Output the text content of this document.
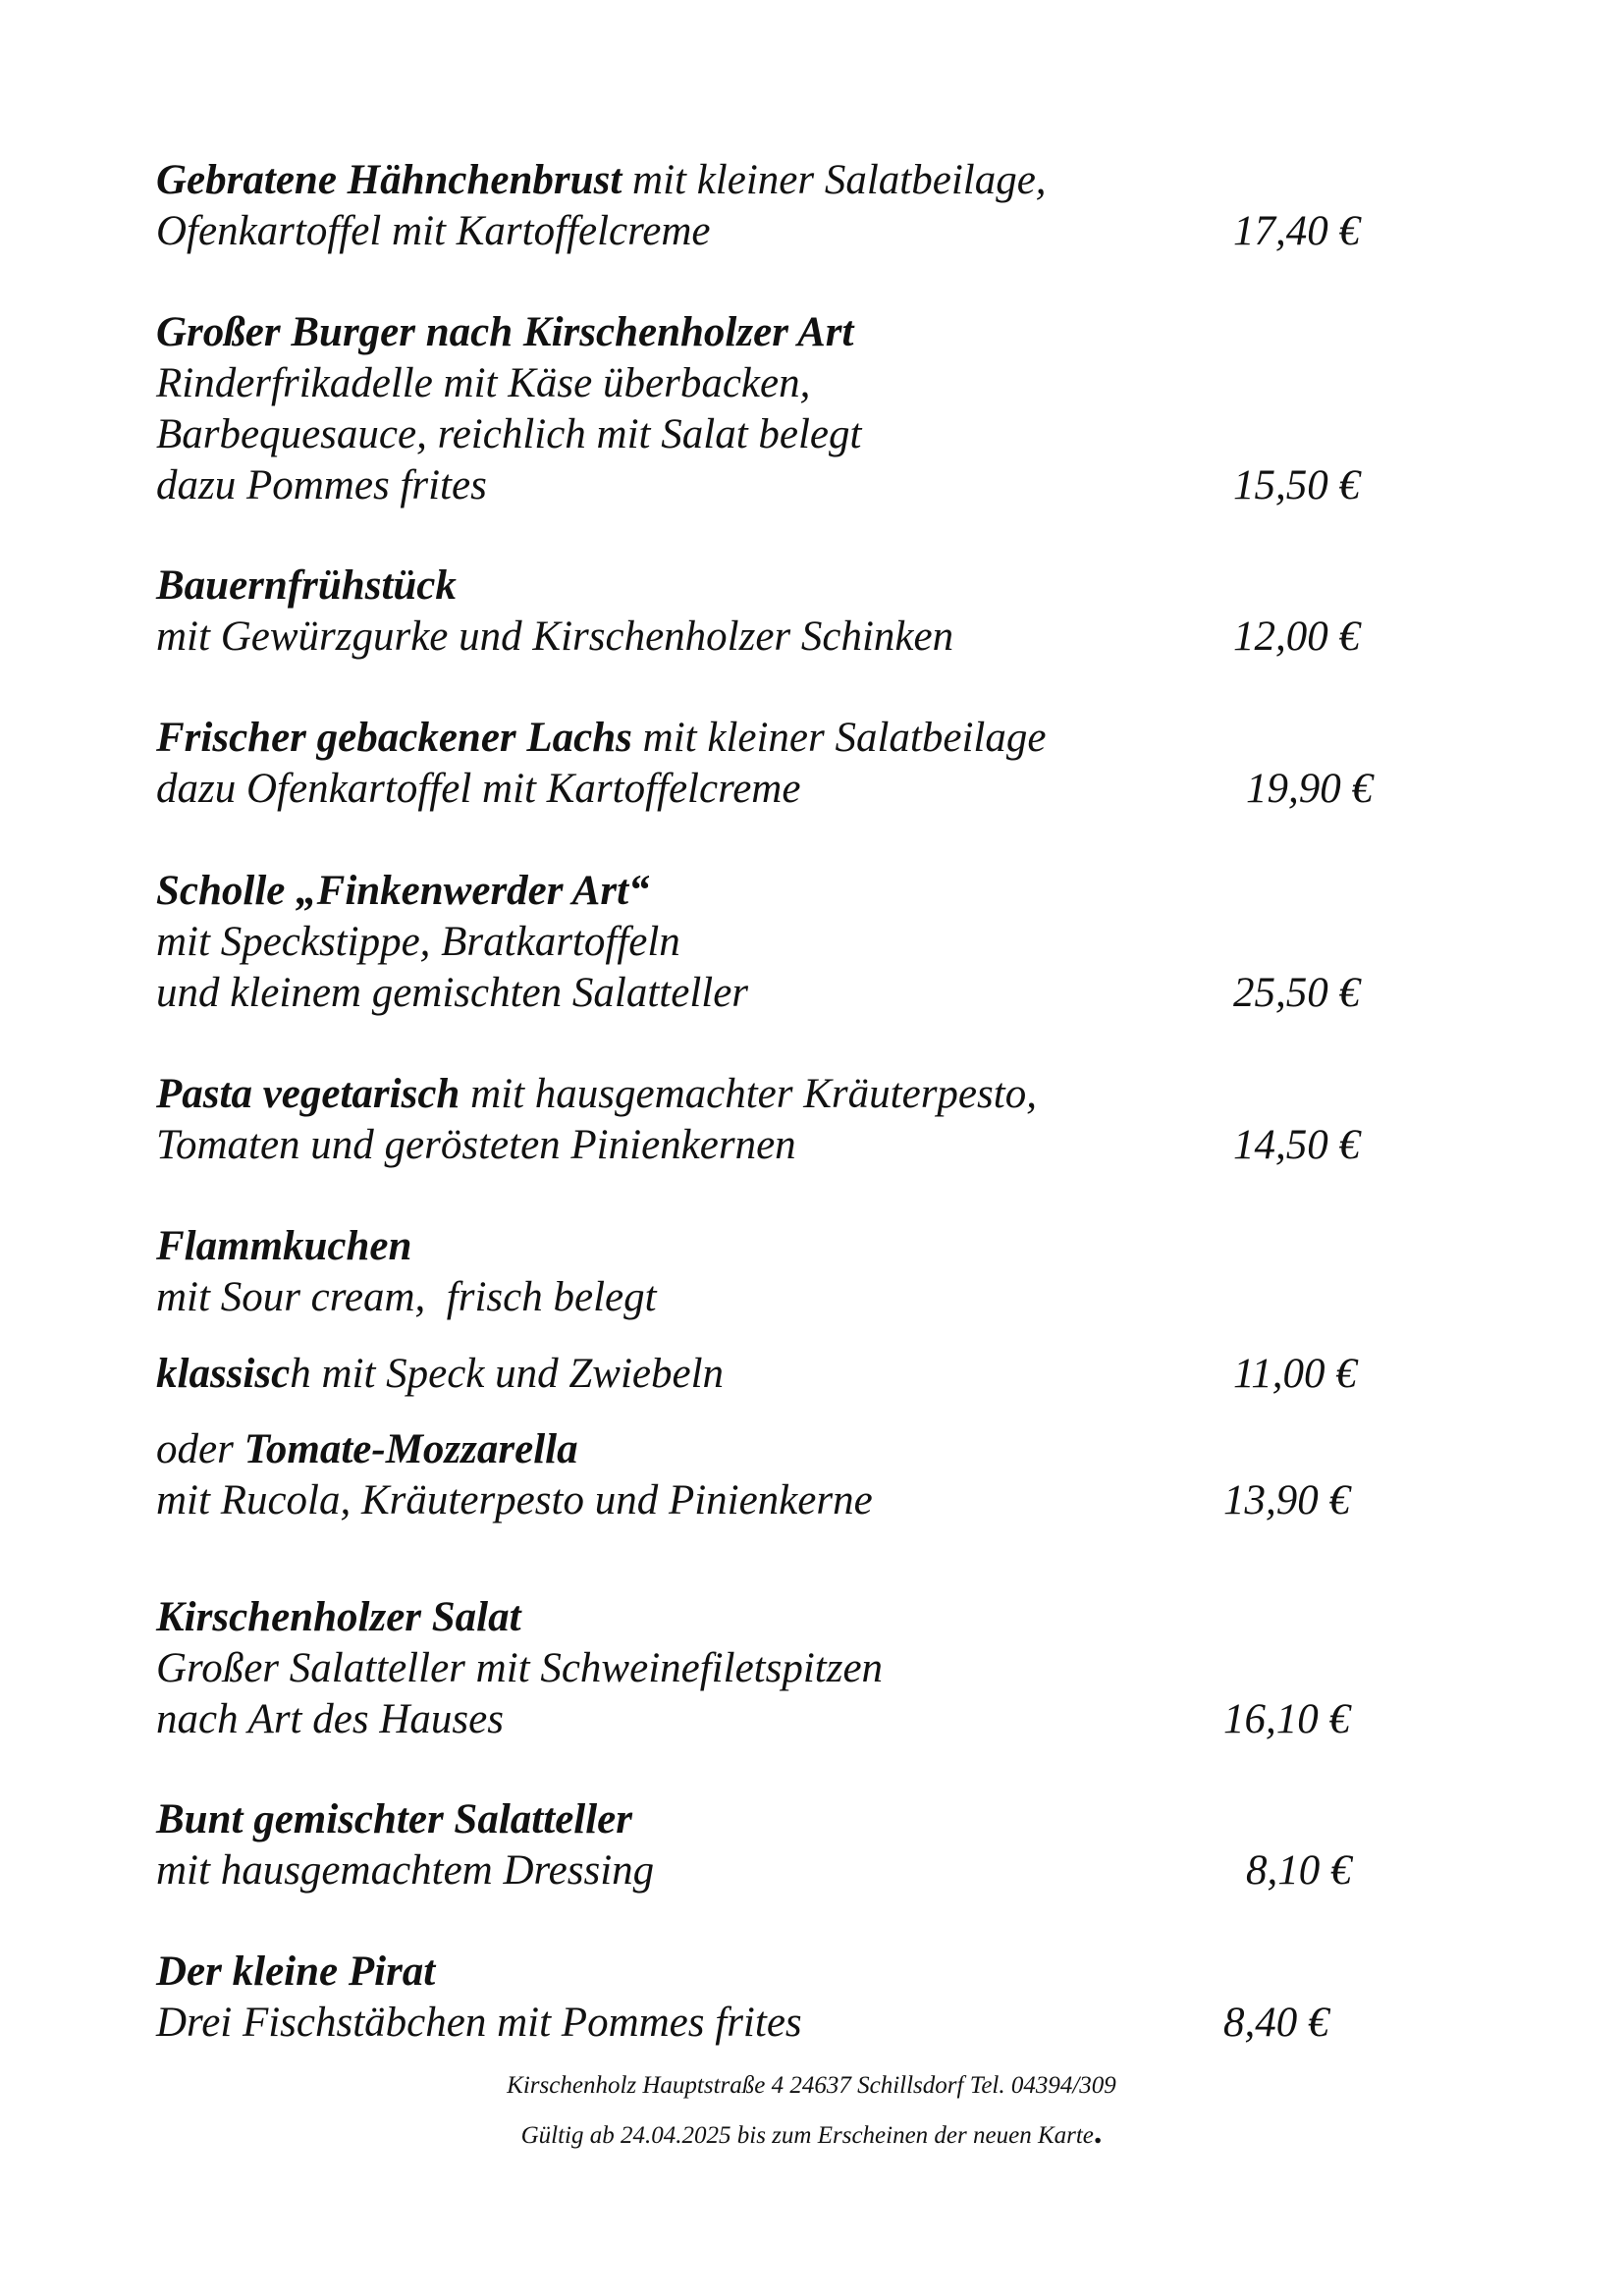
Gebratene Hähnchenbrust mit kleiner Salatbeilage,
Ofenkartoffel mit Kartoffelcreme	17,40 €
Großer Burger nach Kirschenholzer Art
Rinderfrikadelle mit Käse überbacken,
Barbequesauce, reichlich mit Salat belegt
dazu Pommes frites	15,50 €
Bauernfrühstück
mit Gewürzgurke und Kirschenholzer Schinken	12,00 €
Frischer gebackener Lachs mit kleiner Salatbeilage
dazu Ofenkartoffel mit Kartoffelcreme	19,90 €
Scholle „Finkenwerder Art“
mit Speckstippe, Bratkartoffeln
und kleinem gemischten Salatteller	25,50 €
Pasta vegetarisch mit hausgemachter Kräuterpesto,
Tomaten und gerösteten Pinienkernen	14,50 €
Flammkuchen
mit Sour cream,  frisch belegt
klassisch mit Speck und Zwiebeln	11,00 €
oder Tomate-Mozzarella
mit Rucola, Kräuterpesto und Pinienkerne	13,90 €
Kirschenholzer Salat
Großer Salatteller mit Schweinefiletspitzen
nach Art des Hauses	16,10 €
Bunt gemischter Salatteller
mit hausgemachtem Dressing	8,10 €
Der kleine Pirat
Drei Fischstäbchen mit Pommes frites	8,40 €
Kirschenholz Hauptstraße 4 24637 Schillsdorf Tel. 04394/309
Gültig ab 24.04.2025 bis zum Erscheinen der neuen Karte.
